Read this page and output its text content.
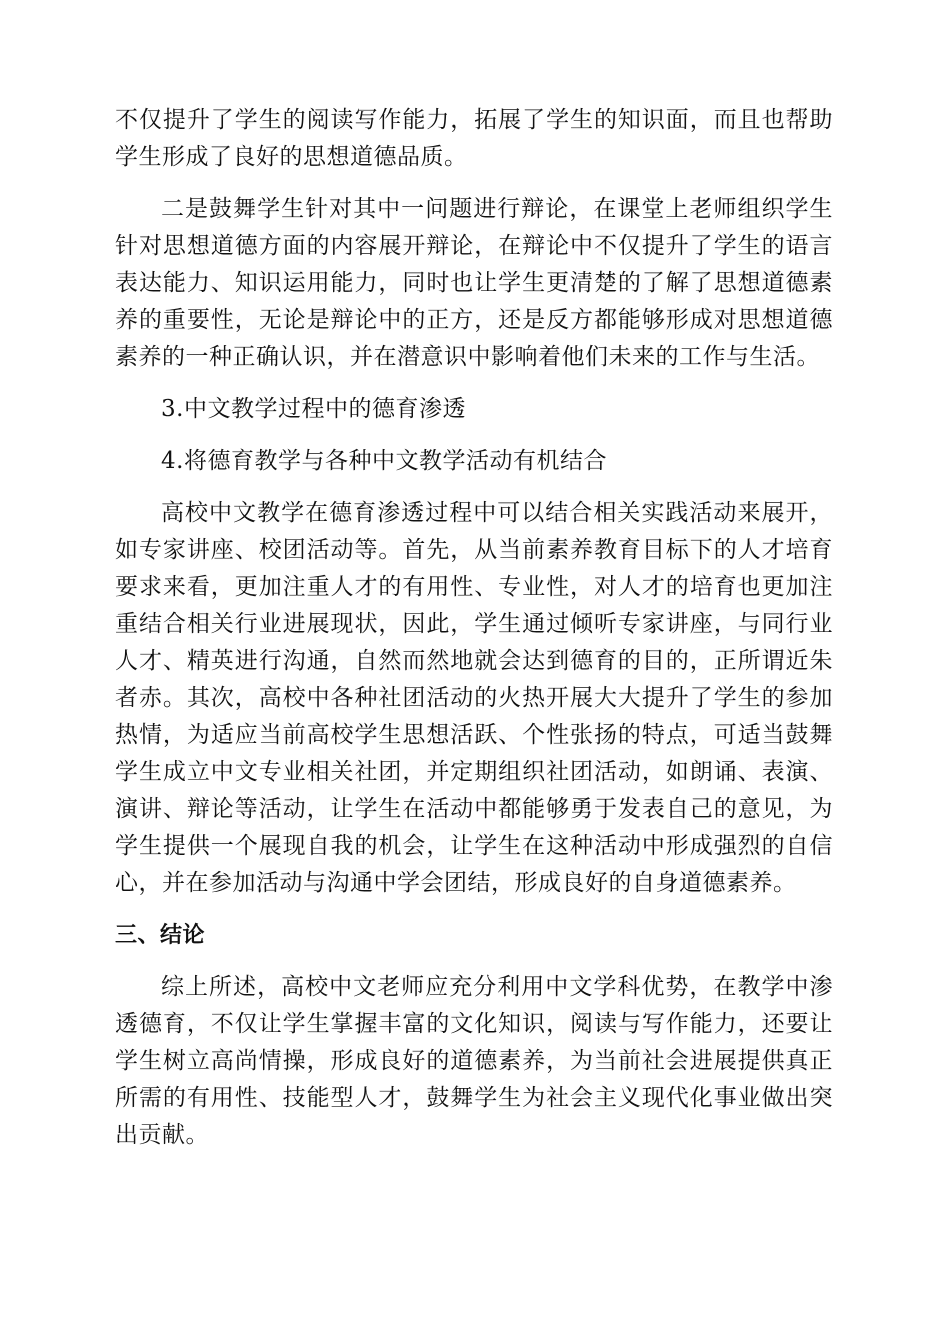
不仅提升了学生的阅读写作能力，拓展了学生的知识面，而且也帮助学生形成了良好的思想道德品质。

二是鼓舞学生针对其中一问题进行辩论，在课堂上老师组织学生针对思想道德方面的内容展开辩论，在辩论中不仅提升了学生的语言表达能力、知识运用能力，同时也让学生更清楚的了解了思想道德素养的重要性，无论是辩论中的正方，还是反方都能够形成对思想道德素养的一种正确认识，并在潜意识中影响着他们未来的工作与生活。

3.中文教学过程中的德育渗透
4.将德育教学与各种中文教学活动有机结合

高校中文教学在德育渗透过程中可以结合相关实践活动来展开，如专家讲座、校团活动等。首先，从当前素养教育目标下的人才培育要求来看，更加注重人才的有用性、专业性，对人才的培育也更加注重结合相关行业进展现状，因此，学生通过倾听专家讲座，与同行业人才、精英进行沟通，自然而然地就会达到德育的目的，正所谓近朱者赤。其次，高校中各种社团活动的火热开展大大提升了学生的参加热情，为适应当前高校学生思想活跃、个性张扬的特点，可适当鼓舞学生成立中文专业相关社团，并定期组织社团活动，如朗诵、表演、演讲、辩论等活动，让学生在活动中都能够勇于发表自己的意见，为学生提供一个展现自我的机会，让学生在这种活动中形成强烈的自信心，并在参加活动与沟通中学会团结，形成良好的自身道德素养。

三、结论

综上所述，高校中文老师应充分利用中文学科优势，在教学中渗透德育，不仅让学生掌握丰富的文化知识，阅读与写作能力，还要让学生树立高尚情操，形成良好的道德素养，为当前社会进展提供真正所需的有用性、技能型人才，鼓舞学生为社会主义现代化事业做出突出贡献。
